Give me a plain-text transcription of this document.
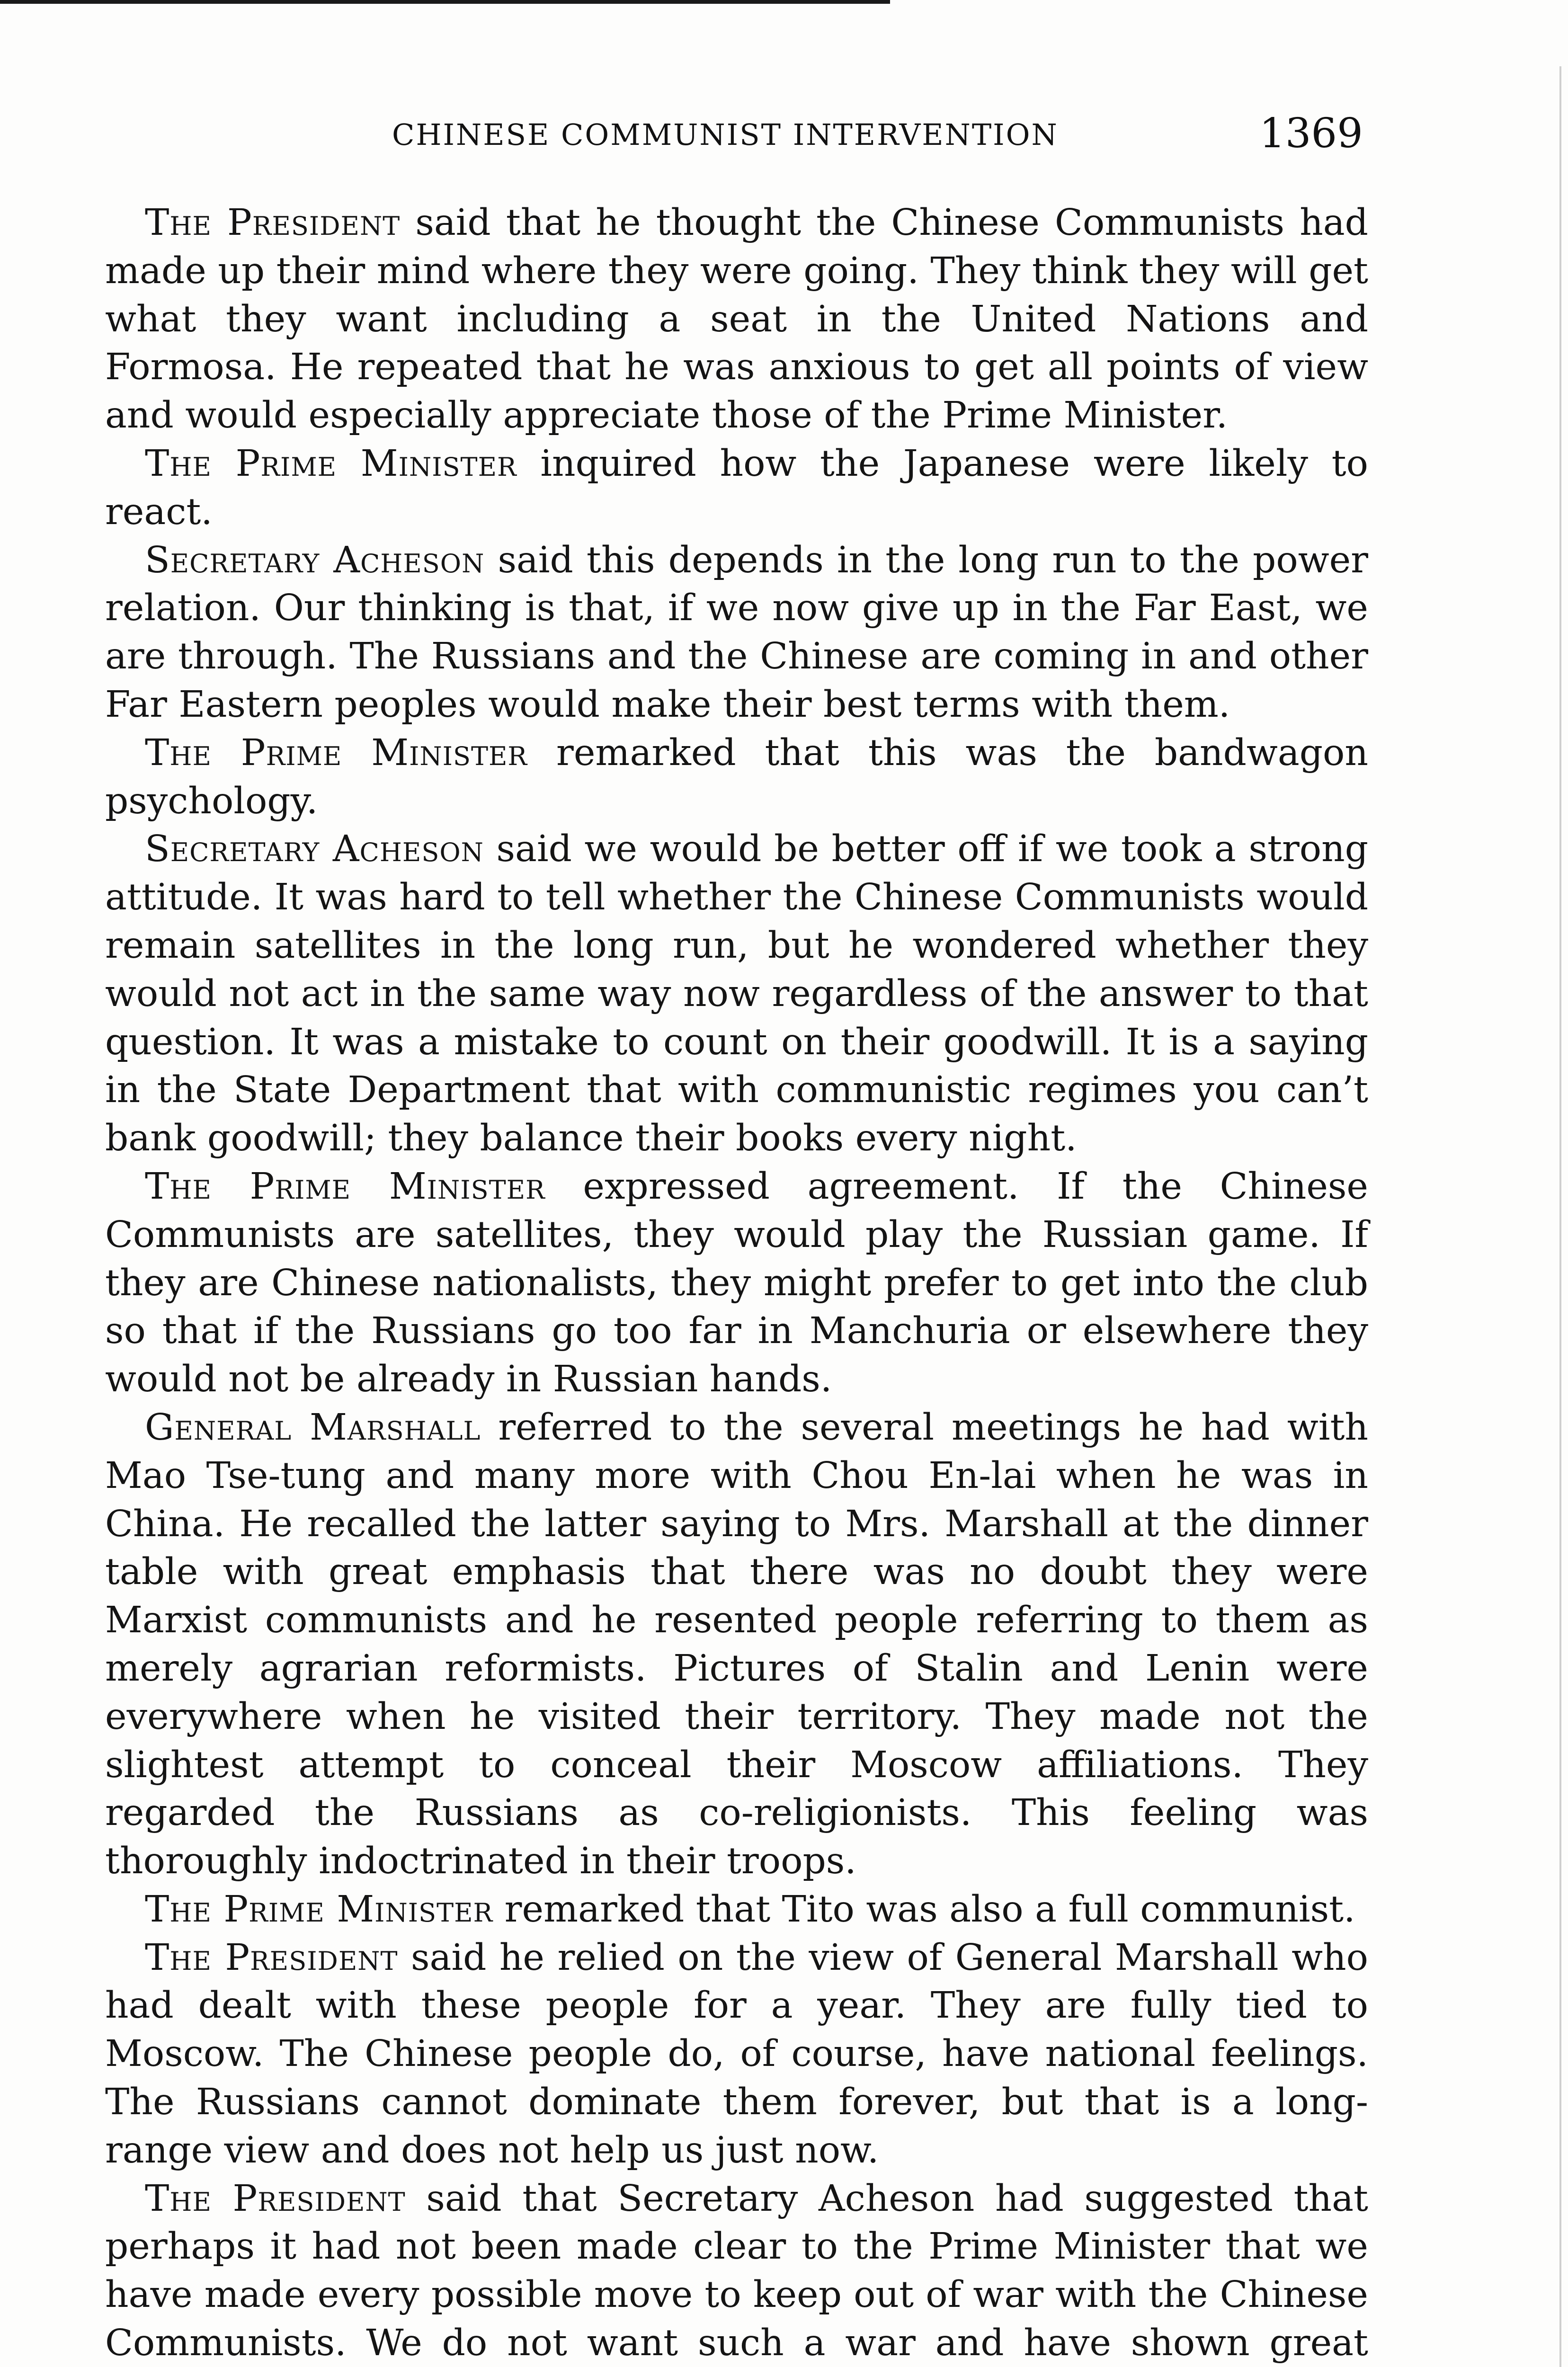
CHINESE COMMUNIST INTERVENTION	1369

The President said that he thought the Chinese Communists had made up their mind where they were going. They think they will get what they want including a seat in the United Nations and Formosa. He repeated that he was anxious to get all points of view and would especially appreciate those of the Prime Minister.

The Prime Minister inquired how the Japanese were likely to react.

Secretary Acheson said this depends in the long run to the power relation. Our thinking is that, if we now give up in the Far East, we are through. The Russians and the Chinese are coming in and other Far Eastern peoples would make their best terms with them.

The Prime Minister remarked that this was the bandwagon psychology.

Secretary Acheson said we would be better off if we took a strong attitude. It was hard to tell whether the Chinese Communists would remain satellites in the long run, but he wondered whether they would not act in the same way now regardless of the answer to that question. It was a mistake to count on their goodwill. It is a saying in the State Department that with communistic regimes you can’t bank goodwill; they balance their books every night.

The Prime Minister expressed agreement. If the Chinese Communists are satellites, they would play the Russian game. If they are Chinese nationalists, they might prefer to get into the club so that if the Russians go too far in Manchuria or elsewhere they would not be already in Russian hands.

General Marshall referred to the several meetings he had with Mao Tse-tung and many more with Chou En-lai when he was in China. He recalled the latter saying to Mrs. Marshall at the dinner table with great emphasis that there was no doubt they were Marxist communists and he resented people referring to them as merely agrarian reformists. Pictures of Stalin and Lenin were everywhere when he visited their territory. They made not the slightest attempt to conceal their Moscow affiliations. They regarded the Russians as co-religionists. This feeling was thoroughly indoctrinated in their troops.

The Prime Minister remarked that Tito was also a full communist.

The President said he relied on the view of General Marshall who had dealt with these people for a year. They are fully tied to Moscow. The Chinese people do, of course, have national feelings. The Russians cannot dominate them forever, but that is a long-range view and does not help us just now.

The President said that Secretary Acheson had suggested that perhaps it had not been made clear to the Prime Minister that we have made every possible move to keep out of war with the Chinese Communists. We do not want such a war and have shown great
